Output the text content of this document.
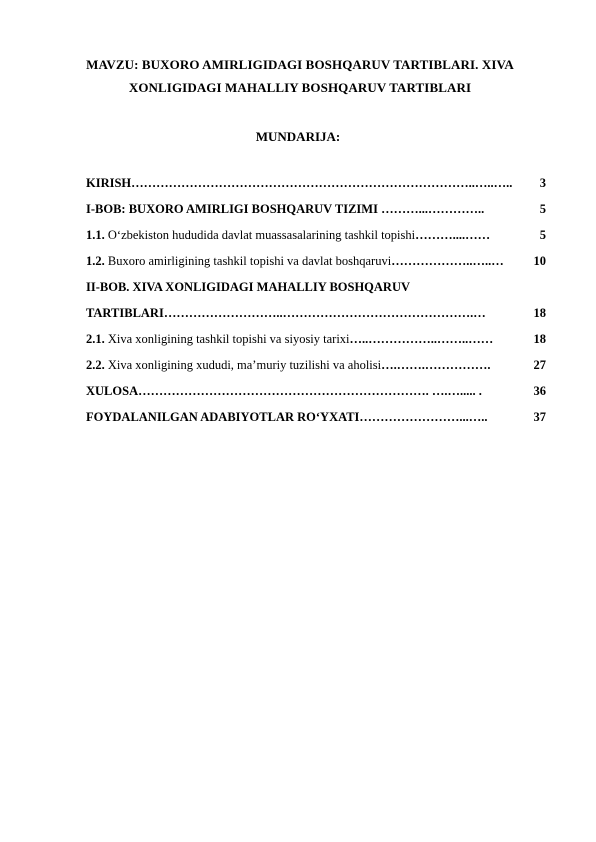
MAVZU: BUXORO AMIRLIGIDAGI BOSHQARUV TARTIBLARI. XIVA
XONLIGIDAGI MAHALLIY BOSHQARUV TARTIBLARI
MUNDARIJA:
KIRISH………………………………………………………………………..…..…..	3
I-BOB: BUXORO AMIRLIGI BOSHQARUV TIZIMI ………...…………..	5
1.1. O‘zbekiston hududida davlat muassasalarining tashkil topishi………....……	5
1.2. Buxoro amirligining tashkil topishi va davlat boshqaruvi………………..…..…	10
II-BOB. XIVA XONLIGIDAGI MAHALLIY BOSHQARUV
TARTIBLARI………………………..……………………………………….…	18
2.1. Xiva xonligining tashkil topishi va siyosiy tarixi…..……………..……..……	18
2.2. Xiva xonligining xududi, ma’muriy tuzilishi va aholisi….…….…………….	27
XULOSA……………………………………………………………. ….…..... .	36
FOYDALANILGAN ADABIYOTLAR RO‘YXATI……………………...…..	37
